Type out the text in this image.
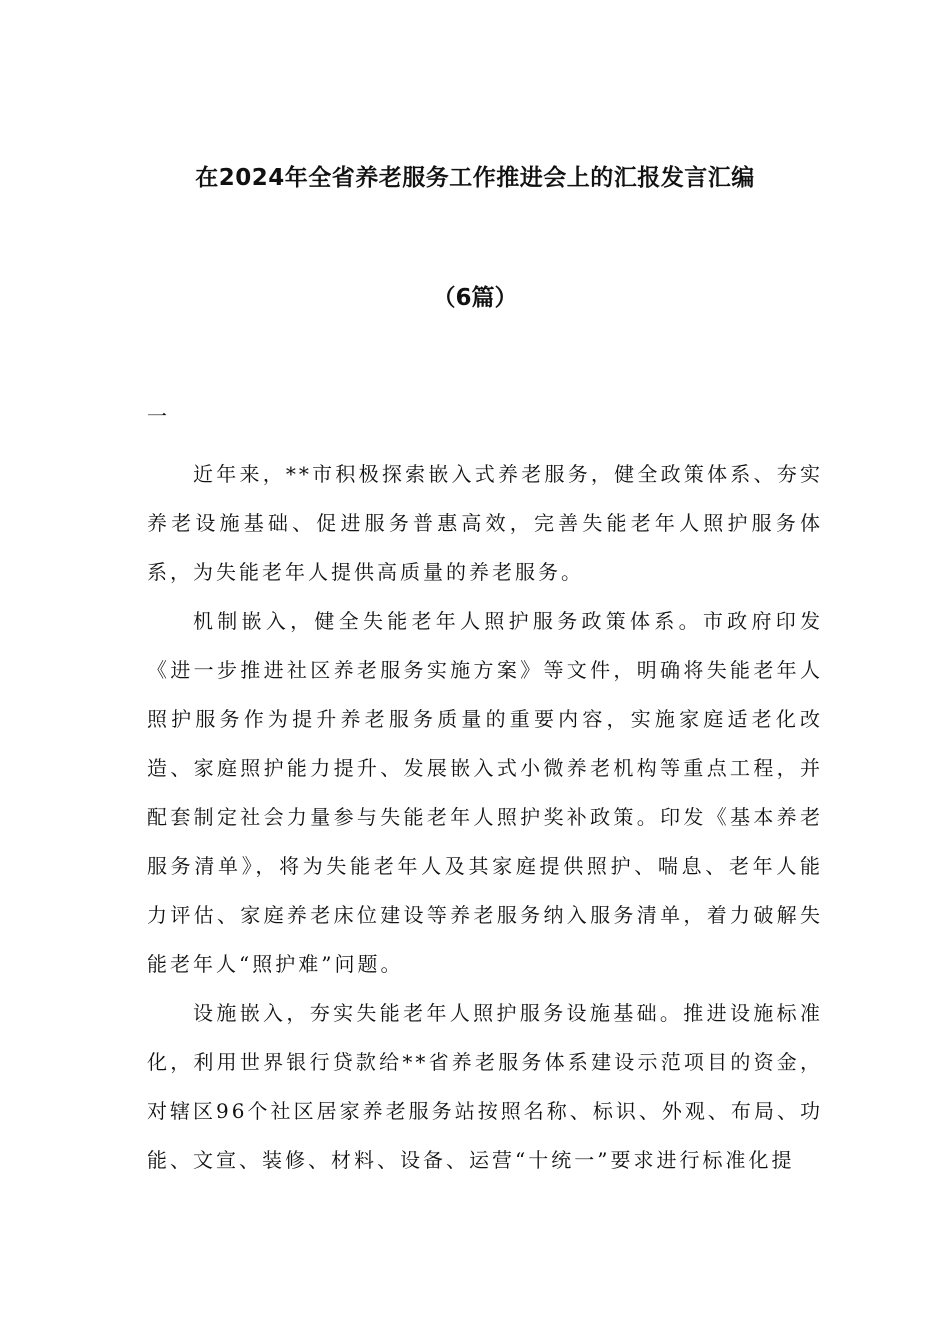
在2024年全省养老服务工作推进会上的汇报发言汇编
（6篇）
一

近年来，**市积极探索嵌入式养老服务，健全政策体系、夯实养老设施基础、促进服务普惠高效，完善失能老年人照护服务体系，为失能老年人提供高质量的养老服务。

机制嵌入，健全失能老年人照护服务政策体系。市政府印发《进一步推进社区养老服务实施方案》等文件，明确将失能老年人照护服务作为提升养老服务质量的重要内容，实施家庭适老化改造、家庭照护能力提升、发展嵌入式小微养老机构等重点工程，并配套制定社会力量参与失能老年人照护奖补政策。印发《基本养老服务清单》，将为失能老年人及其家庭提供照护、喘息、老年人能力评估、家庭养老床位建设等养老服务纳入服务清单，着力破解失能老年人“照护难”问题。

设施嵌入，夯实失能老年人照护服务设施基础。推进设施标准化，利用世界银行贷款给**省养老服务体系建设示范项目的资金，对辖区96个社区居家养老服务站按照名称、标识、外观、布局、功能、文宣、装修、材料、设备、运营“十统一”要求进行标准化提
